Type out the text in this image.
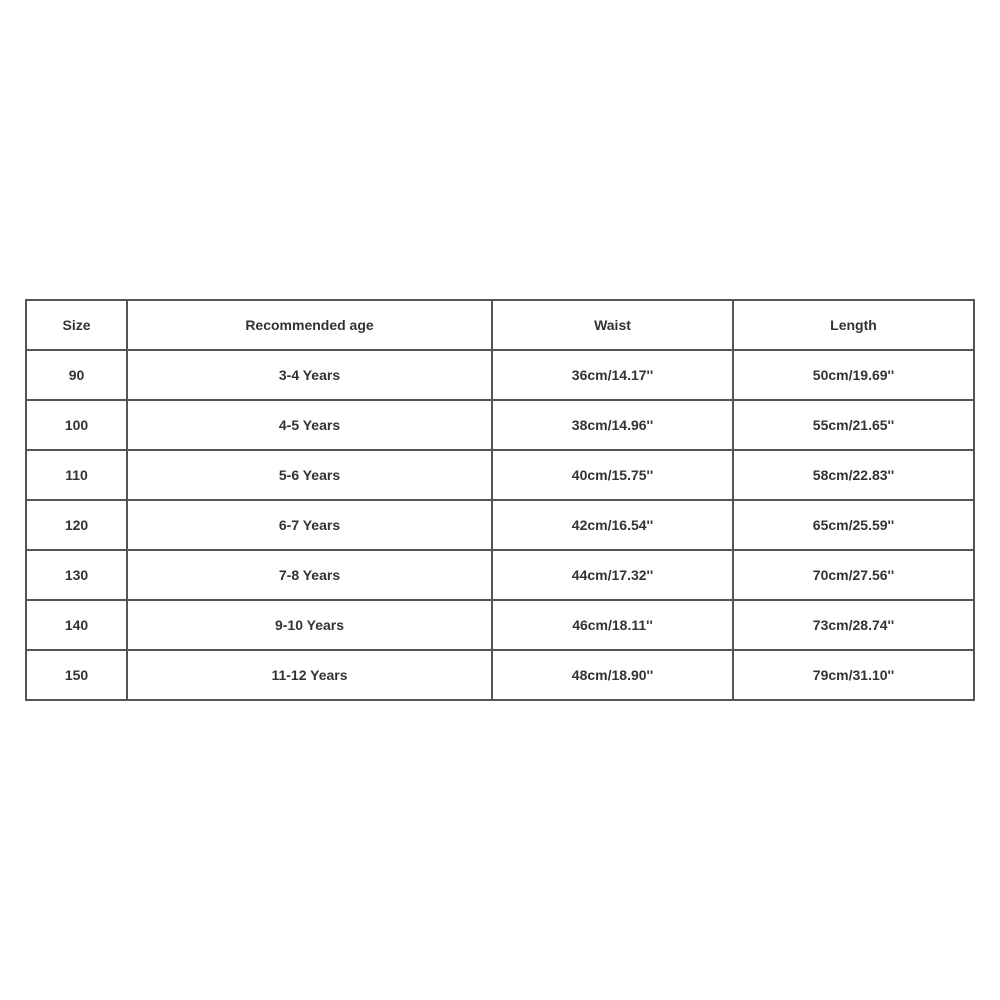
Size	Recommended age	Waist	Length
90	3-4 Years	36cm/14.17''	50cm/19.69''
100	4-5 Years	38cm/14.96''	55cm/21.65''
110	5-6 Years	40cm/15.75''	58cm/22.83''
120	6-7 Years	42cm/16.54''	65cm/25.59''
130	7-8 Years	44cm/17.32''	70cm/27.56''
140	9-10 Years	46cm/18.11''	73cm/28.74''
150	11-12 Years	48cm/18.90''	79cm/31.10''
